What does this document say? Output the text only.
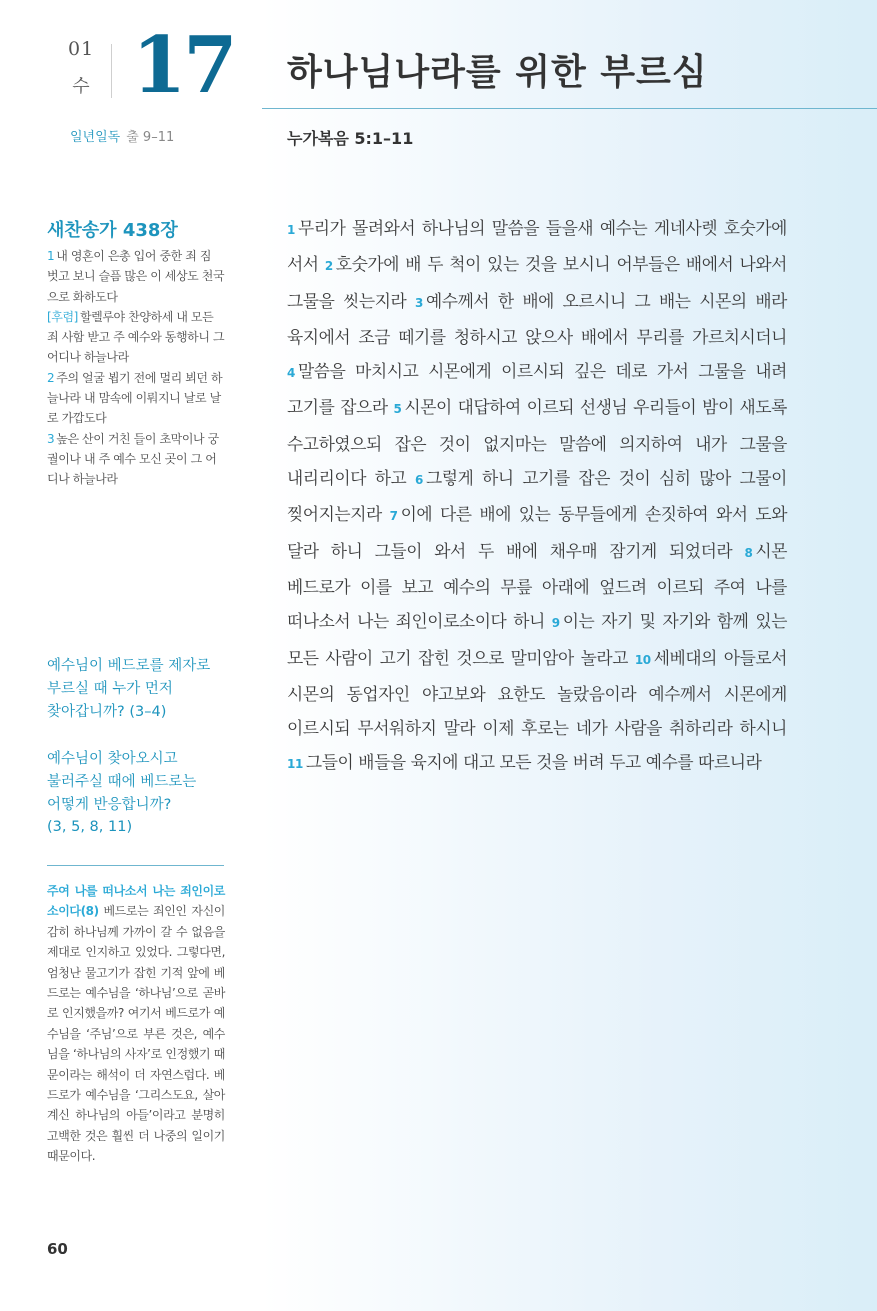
01
수 17 하나님나라를 위한 부르심
일년일독 출 9–11	누가복음 5:1–11
1 무리가 몰려와서 하나님의 말씀을 들을새 예수는 게네사렛 호숫가에 서서 2 호숫가에 배 두 척이 있는 것을 보시니 어부들은 배에서 나와서 그물을 씻는지라 3 예수께서 한 배에 오르시니 그 배는 시몬의 배라 육지에서 조금 떼기를 청하시고 앉으사 배에서 무리를 가르치시더니 4 말씀을 마치시고 시몬에게 이르시되 깊은 데로 가서 그물을 내려 고기를 잡으라 5 시몬이 대답하여 이르되 선생님 우리들이 밤이 새도록 수고하였으되 잡은 것이 없지마는 말씀에 의지하여 내가 그물을 내리리이다 하고 6 그렇게 하니 고기를 잡은 것이 심히 많아 그물이 찢어지는지라 7 이에 다른 배에 있는 동무들에게 손짓하여 와서 도와 달라 하니 그들이 와서 두 배에 채우매 잠기게 되었더라 8 시몬 베드로가 이를 보고 예수의 무릎 아래에 엎드려 이르되 주여 나를 떠나소서 나는 죄인이로소이다 하니 9 이는 자기 및 자기와 함께 있는 모든 사람이 고기 잡힌 것으로 말미암아 놀라고 10 세베대의 아들로서 시몬의 동업자인 야고보와 요한도 놀랐음이라 예수께서 시몬에게 이르시되 무서워하지 말라 이제 후로는 네가 사람을 취하리라 하시니 11 그들이 배들을 육지에 대고 모든 것을 버려 두고 예수를 따르니라
새찬송가 438장
1 내 영혼이 은총 입어 중한 죄 짐 벗고 보니 슬픔 많은 이 세상도 천국으로 화하도다
[후렴] 할렐루야 찬양하세 내 모든 죄 사함 받고 주 예수와 동행하니 그 어디나 하늘나라
2 주의 얼굴 뵙기 전에 멀리 뵈던 하늘나라 내 맘속에 이뤄지니 날로 날로 가깝도다
3 높은 산이 거친 들이 초막이나 궁궐이나 내 주 예수 모신 곳이 그 어디나 하늘나라
예수님이 베드로를 제자로 부르실 때 누가 먼저 찾아갑니까? (3–4)
예수님이 찾아오시고 불러주실 때에 베드로는 어떻게 반응합니까?
(3, 5, 8, 11)
주여 나를 떠나소서 나는 죄인이로소이다(8) 베드로는 죄인인 자신이 감히 하나님께 가까이 갈 수 없음을 제대로 인지하고 있었다. 그렇다면, 엄청난 물고기가 잡힌 기적 앞에 베드로는 예수님을 ‘하나님’으로 곧바로 인지했을까? 여기서 베드로가 예수님을 ‘주님’으로 부른 것은, 예수님을 ‘하나님의 사자’로 인정했기 때문이라는 해석이 더 자연스럽다. 베드로가 예수님을 ‘그리스도요, 살아계신 하나님의 아들’이라고 분명히 고백한 것은 훨씬 더 나중의 일이기 때문이다.
60
